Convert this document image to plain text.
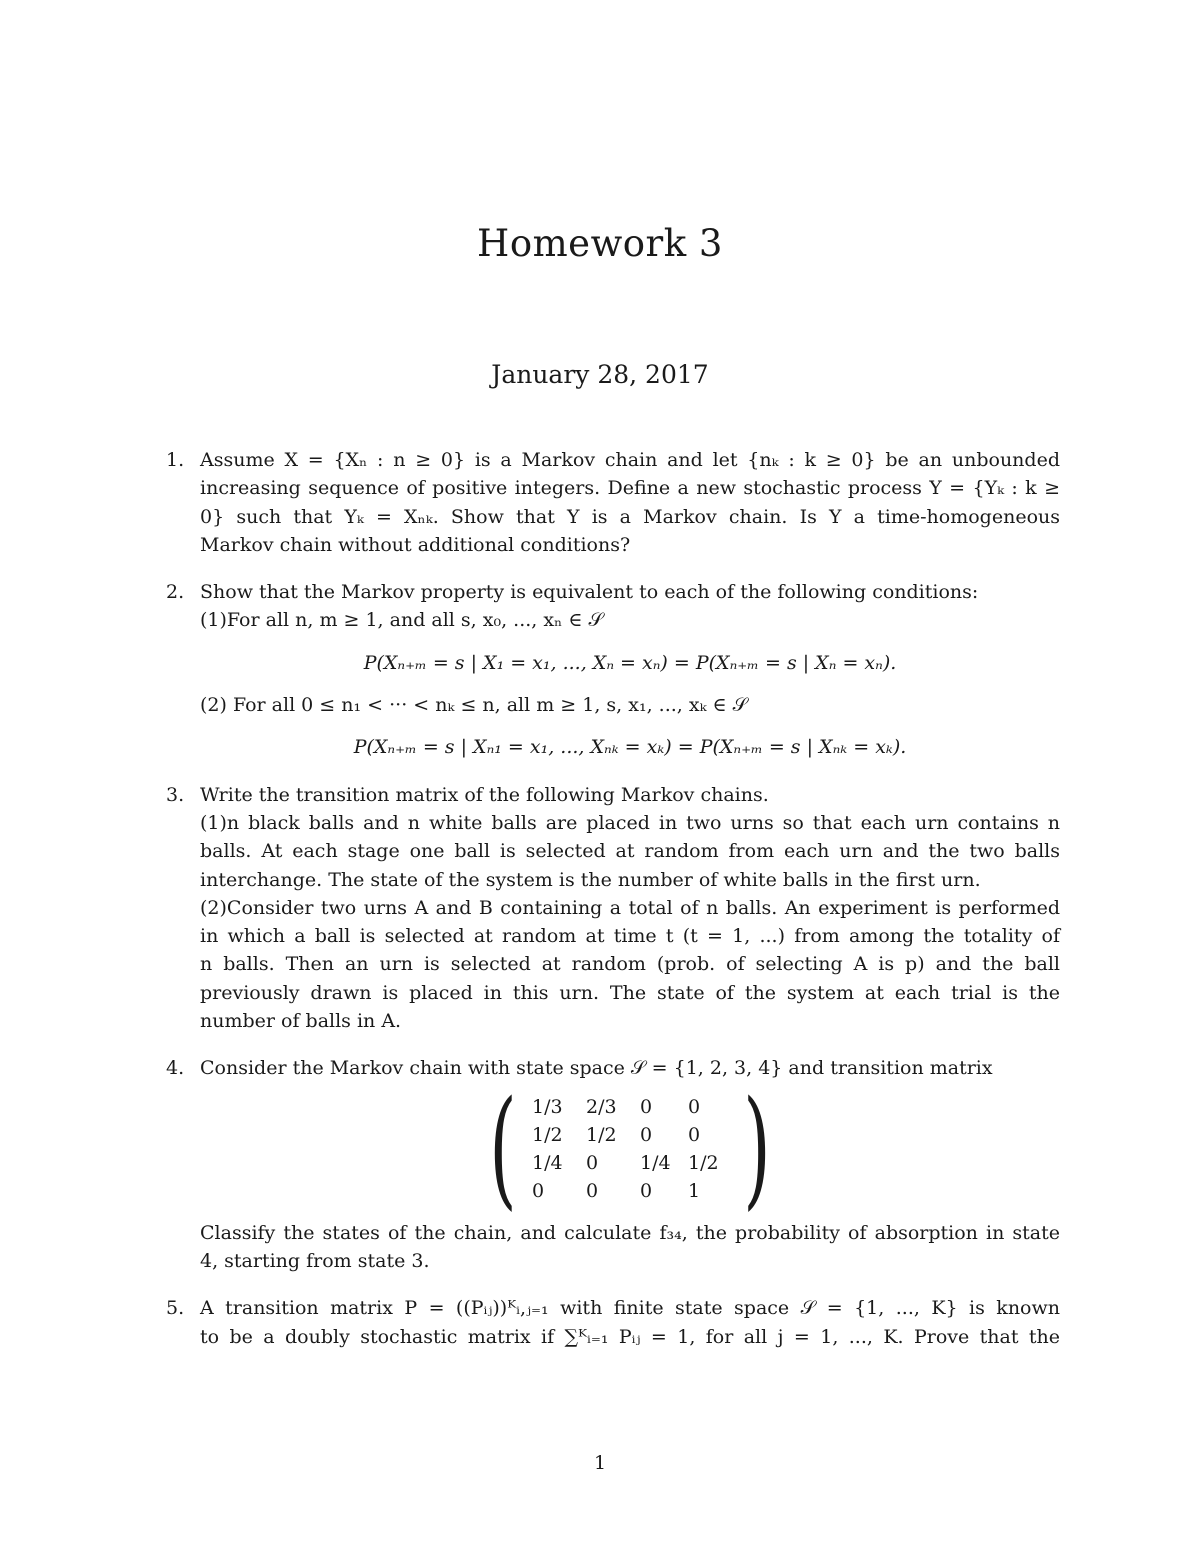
Homework 3
January 28, 2017
1. Assume X = {Xₙ : n ≥ 0} is a Markov chain and let {nₖ : k ≥ 0} be an unbounded
increasing sequence of positive integers. Define a new stochastic process Y = {Yₖ : k ≥
0} such that Yₖ = Xₙₖ. Show that Y is a Markov chain. Is Y a time-homogeneous
Markov chain without additional conditions?
2. Show that the Markov property is equivalent to each of the following conditions:
(1)For all n, m ≥ 1, and all s, x₀, ..., xₙ ∈ 𝒮
P(Xₙ₊ₘ = s | X₁ = x₁, ..., Xₙ = xₙ) = P(Xₙ₊ₘ = s | Xₙ = xₙ).
(2) For all 0 ≤ n₁ < ··· < nₖ ≤ n, all m ≥ 1, s, x₁, ..., xₖ ∈ 𝒮
P(Xₙ₊ₘ = s | Xₙ₁ = x₁, ..., Xₙₖ = xₖ) = P(Xₙ₊ₘ = s | Xₙₖ = xₖ).
3. Write the transition matrix of the following Markov chains.
(1)n black balls and n white balls are placed in two urns so that each urn contains n
balls. At each stage one ball is selected at random from each urn and the two balls
interchange. The state of the system is the number of white balls in the first urn.
(2)Consider two urns A and B containing a total of n balls. An experiment is performed
in which a ball is selected at random at time t (t = 1, ...) from among the totality of
n balls. Then an urn is selected at random (prob. of selecting A is p) and the ball
previously drawn is placed in this urn. The state of the system at each trial is the
number of balls in A.
4. Consider the Markov chain with state space 𝒮 = {1, 2, 3, 4} and transition matrix
( 1/3	2/3	0	0
1/2	1/2	0	0
1/4	0	1/4 1/2
0	0	0	1 )
Classify the states of the chain, and calculate f₃₄, the probability of absorption in state
4, starting from state 3.
5. A transition matrix P = ((Pᵢⱼ))ᴷᵢ,ⱼ₌₁ with finite state space 𝒮 = {1, ..., K} is known
to be a doubly stochastic matrix if ∑ᴷᵢ₌₁ Pᵢⱼ = 1, for all j = 1, ..., K. Prove that the
1
